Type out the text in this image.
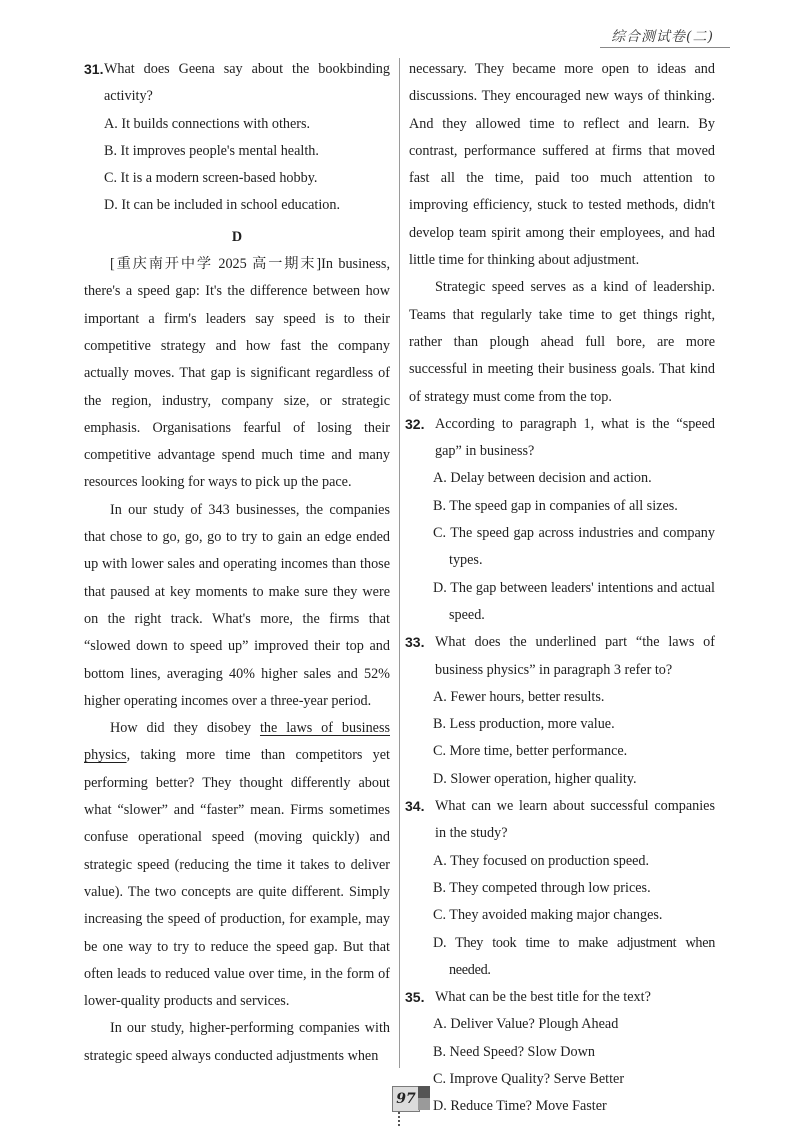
综合测试卷(二)
31. What does Geena say about the bookbinding activity?

A. It builds connections with others.

B. It improves people's mental health.

C. It is a modern screen-based hobby.

D. It can be included in school education.

D

[重庆南开中学 2025 高一期末]In business, there's a speed gap: It's the difference between how important a firm's leaders say speed is to their competitive strategy and how fast the company actually moves. That gap is significant regardless of the region, industry, company size, or strategic emphasis. Organisations fearful of losing their competitive advantage spend much time and many resources looking for ways to pick up the pace.

In our study of 343 businesses, the companies that chose to go, go, go to try to gain an edge ended up with lower sales and operating incomes than those that paused at key moments to make sure they were on the right track. What's more, the firms that “slowed down to speed up” improved their top and bottom lines, averaging 40% higher sales and 52% higher operating incomes over a three-year period.

How did they disobey the laws of business physics, taking more time than competitors yet performing better? They thought differently about what “slower” and “faster” mean. Firms sometimes confuse operational speed (moving quickly) and strategic speed (reducing the time it takes to deliver value). The two concepts are quite different. Simply increasing the speed of production, for example, may be one way to try to reduce the speed gap. But that often leads to reduced value over time, in the form of lower-quality products and services.

In our study, higher-performing companies with strategic speed always conducted adjustments when

necessary. They became more open to ideas and discussions. They encouraged new ways of thinking. And they allowed time to reflect and learn. By contrast, performance suffered at firms that moved fast all the time, paid too much attention to improving efficiency, stuck to tested methods, didn't develop team spirit among their employees, and had little time for thinking about adjustment.

Strategic speed serves as a kind of leadership. Teams that regularly take time to get things right, rather than plough ahead full bore, are more successful in meeting their business goals. That kind of strategy must come from the top.

32. According to paragraph 1, what is the “speed gap” in business?

A. Delay between decision and action.

B. The speed gap in companies of all sizes.

C. The speed gap across industries and company types.

D. The gap between leaders' intentions and actual speed.

33. What does the underlined part “the laws of business physics” in paragraph 3 refer to?

A. Fewer hours, better results.

B. Less production, more value.

C. More time, better performance.

D. Slower operation, higher quality.

34. What can we learn about successful companies in the study?

A. They focused on production speed.

B. They competed through low prices.

C. They avoided making major changes.

D. They took time to make adjustment when needed.

35. What can be the best title for the text?

A. Deliver Value? Plough Ahead

B. Need Speed? Slow Down

C. Improve Quality? Serve Better

D. Reduce Time? Move Faster

97
